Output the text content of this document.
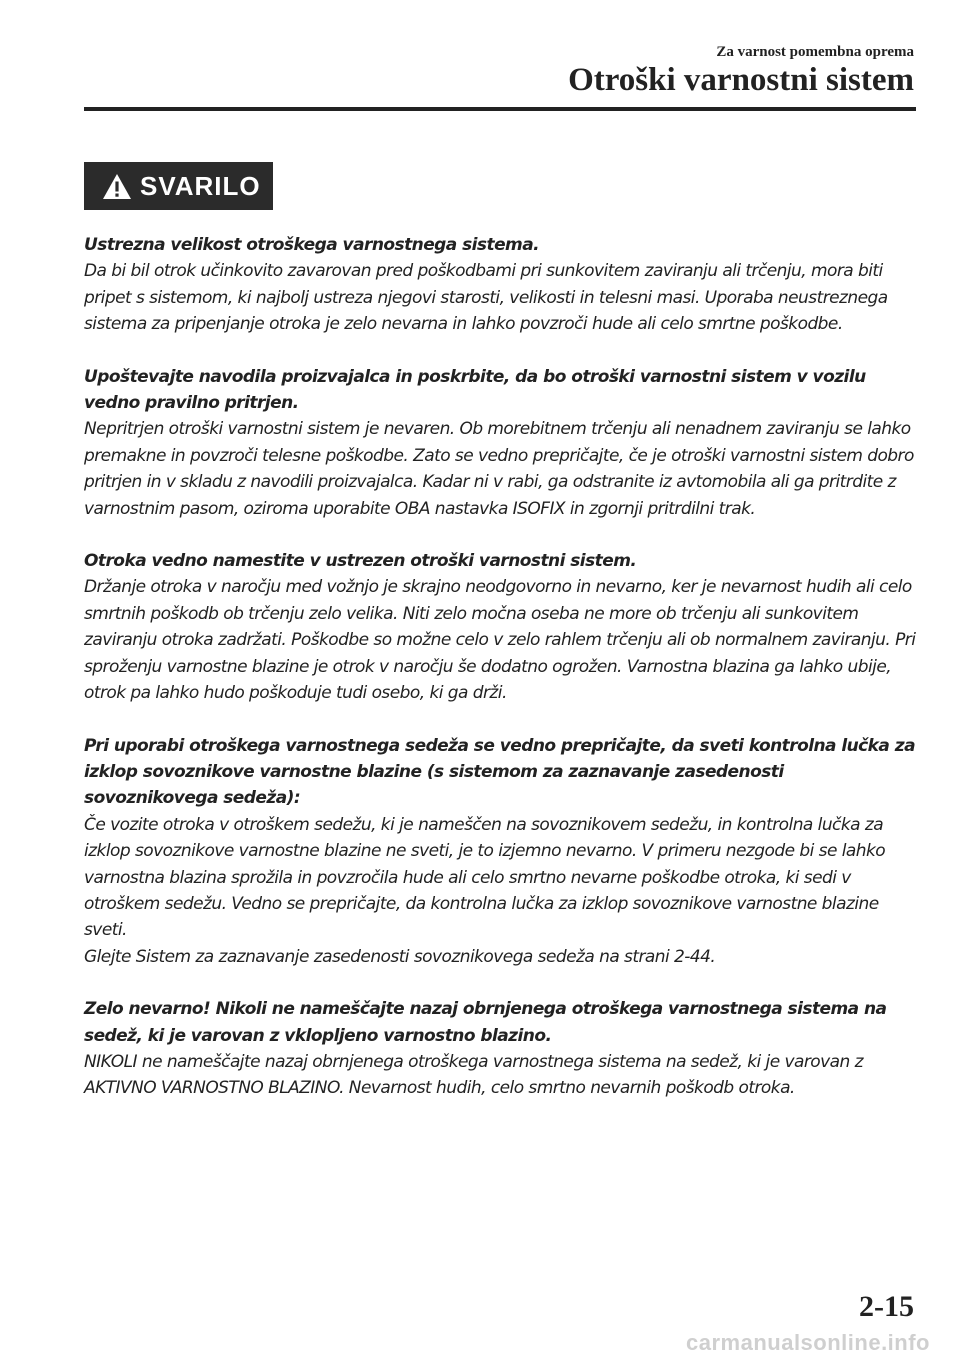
Za varnost pomembna oprema
Otroški varnostni sistem
SVARILO

Ustrezna velikost otroškega varnostnega sistema.

Da bi bil otrok učinkovito zavarovan pred poškodbami pri sunkovitem zaviranju ali trčenju, mora biti pripet s sistemom, ki najbolj ustreza njegovi starosti, velikosti in telesni masi. Uporaba neustreznega sistema za pripenjanje otroka je zelo nevarna in lahko povzroči hude ali celo smrtne poškodbe.

Upoštevajte navodila proizvajalca in poskrbite, da bo otroški varnostni sistem v vozilu vedno pravilno pritrjen.

Nepritrjen otroški varnostni sistem je nevaren. Ob morebitnem trčenju ali nenadnem zaviranju se lahko premakne in povzroči telesne poškodbe. Zato se vedno prepričajte, če je otroški varnostni sistem dobro pritrjen in v skladu z navodili proizvajalca. Kadar ni v rabi, ga odstranite iz avtomobila ali ga pritrdite z varnostnim pasom, oziroma uporabite OBA nastavka ISOFIX in zgornji pritrdilni trak.

Otroka vedno namestite v ustrezen otroški varnostni sistem.

Držanje otroka v naročju med vožnjo je skrajno neodgovorno in nevarno, ker je nevarnost hudih ali celo smrtnih poškodb ob trčenju zelo velika. Niti zelo močna oseba ne more ob trčenju ali sunkovitem zaviranju otroka zadržati. Poškodbe so možne celo v zelo rahlem trčenju ali ob normalnem zaviranju. Pri sproženju varnostne blazine je otrok v naročju še dodatno ogrožen. Varnostna blazina ga lahko ubije, otrok pa lahko hudo poškoduje tudi osebo, ki ga drži.

Pri uporabi otroškega varnostnega sedeža se vedno prepričajte, da sveti kontrolna lučka za izklop sovoznikove varnostne blazine (s sistemom za zaznavanje zasedenosti sovoznikovega sedeža):

Če vozite otroka v otroškem sedežu, ki je nameščen na sovoznikovem sedežu, in kontrolna lučka za izklop sovoznikove varnostne blazine ne sveti, je to izjemno nevarno. V primeru nezgode bi se lahko varnostna blazina sprožila in povzročila hude ali celo smrtno nevarne poškodbe otroka, ki sedi v otroškem sedežu. Vedno se prepričajte, da kontrolna lučka za izklop sovoznikove varnostne blazine sveti.

Glejte Sistem za zaznavanje zasedenosti sovoznikovega sedeža na strani 2-44.

Zelo nevarno! Nikoli ne nameščajte nazaj obrnjenega otroškega varnostnega sistema na sedež, ki je varovan z vklopljeno varnostno blazino.

NIKOLI ne nameščajte nazaj obrnjenega otroškega varnostnega sistema na sedež, ki je varovan z AKTIVNO VARNOSTNO BLAZINO. Nevarnost hudih, celo smrtno nevarnih poškodb otroka.

2-15
carmanualsonline.info
